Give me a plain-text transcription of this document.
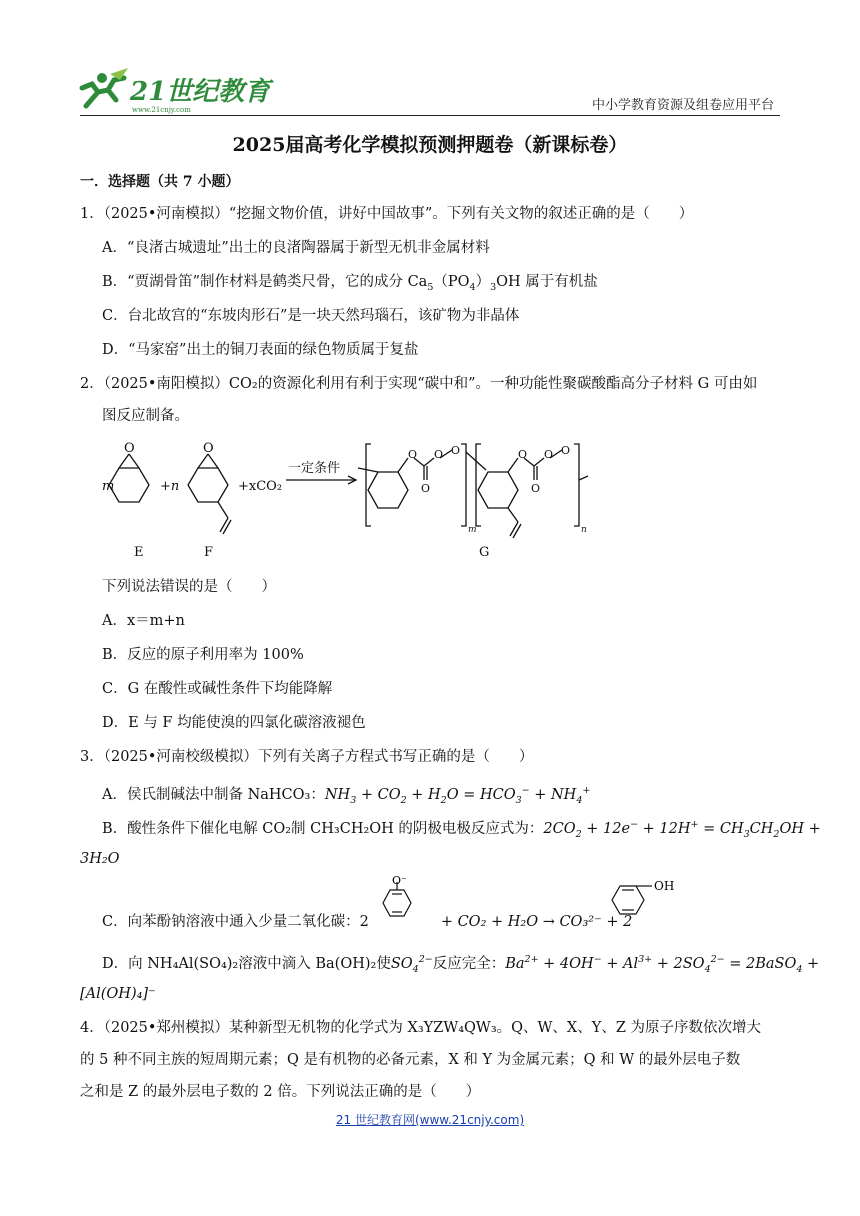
21世纪教育
www.21cnjy.com	中小学教育资源及组卷应用平台
2025届高考化学模拟预测押题卷（新课标卷）
一．选择题（共 7 小题）
1．（2025•河南模拟）“挖掘文物价值，讲好中国故事”。下列有关文物的叙述正确的是（　　）
A．“良渚古城遗址”出土的良渚陶器属于新型无机非金属材料
B．“贾湖骨笛”制作材料是鹤类尺骨，它的成分 $Ca_5(PO_4)_3OH$ 属于有机盐
C．台北故宫的“东坡肉形石”是一块天然玛瑙石，该矿物为非晶体
D．“马家窑”出土的铜刀表面的绿色物质属于复盐
2．（2025•南阳模拟）CO₂的资源化利用有利于实现“碳中和”。一种功能性聚碳酸酯高分子材料 G 可由如
图反应制备。
m
O
+n
O
+xCO₂
一定条件
O O
O
O	O O
O
O
m	n
E	F	G
下列说法错误的是（　　）
A．x＝m+n
B．反应的原子利用率为 100%
C．G 在酸性或碱性条件下均能降解
D．E 与 F 均能使溴的四氯化碳溶液褪色
3．（2025•河南校级模拟）下列有关离子方程式书写正确的是（　　）
A．侯氏制碱法中制备 NaHCO₃：$NH_3 + CO_2 + H_2O = HCO_3^- + NH_4^+$
B．酸性条件下催化电解 CO₂制 CH₃CH₂OH 的阴极电极反应式为：$2CO_2 + 12e^- + 12H^+ = CH_3CH_2OH$ +
3H₂O
C．向苯酚钠溶液中通入少量二氧化碳：2	+ CO₂ + H₂O → CO₃²⁻ + 2
O⁻	OH
D．向 NH₄Al(SO₄)₂溶液中滴入 Ba(OH)₂使$SO_4^{2-}$反应完全：$Ba^{2+} + 4OH^- + Al^{3+} + 2SO_4^{2-}$ = 2BaSO$_4$ +
[Al(OH)₄]⁻
4．（2025•郑州模拟）某种新型无机物的化学式为 X₃YZW₄QW₃。Q、W、X、Y、Z 为原子序数依次增大
的 5 种不同主族的短周期元素；Q 是有机物的必备元素，X 和 Y 为金属元素；Q 和 W 的最外层电子数
之和是 Z 的最外层电子数的 2 倍。下列说法正确的是（　　）
21 世纪教育网(www.21cnjy.com)
